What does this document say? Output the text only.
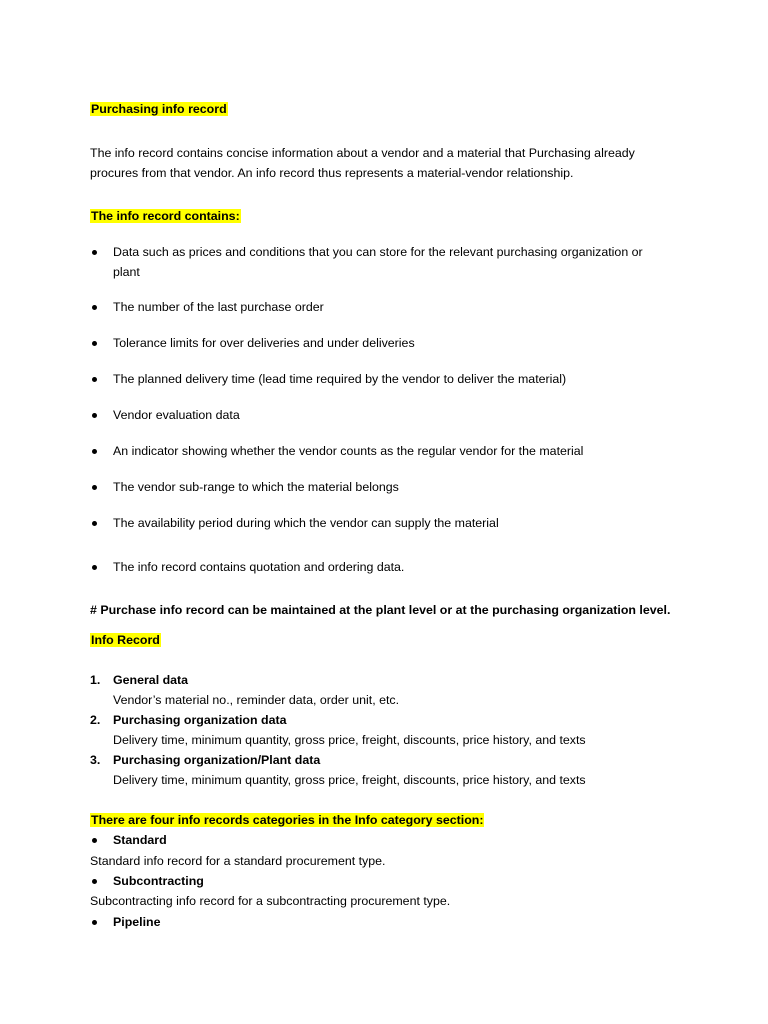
Purchasing info record
The info record contains concise information about a vendor and a material that Purchasing already
procures from that vendor. An info record thus represents a material-vendor relationship.
The info record contains:
Data such as prices and conditions that you can store for the relevant purchasing organization or
plant
The number of the last purchase order
Tolerance limits for over deliveries and under deliveries
The planned delivery time (lead time required by the vendor to deliver the material)
Vendor evaluation data
An indicator showing whether the vendor counts as the regular vendor for the material
The vendor sub-range to which the material belongs
The availability period during which the vendor can supply the material
The info record contains quotation and ordering data.
# Purchase info record can be maintained at the plant level or at the purchasing organization level.
Info Record
1. General data
Vendor’s material no., reminder data, order unit, etc.
2. Purchasing organization data
Delivery time, minimum quantity, gross price, freight, discounts, price history, and texts
3. Purchasing organization/Plant data
Delivery time, minimum quantity, gross price, freight, discounts, price history, and texts
There are four info records categories in the Info category section:
Standard
Standard info record for a standard procurement type.
Subcontracting
Subcontracting info record for a subcontracting procurement type.
Pipeline
